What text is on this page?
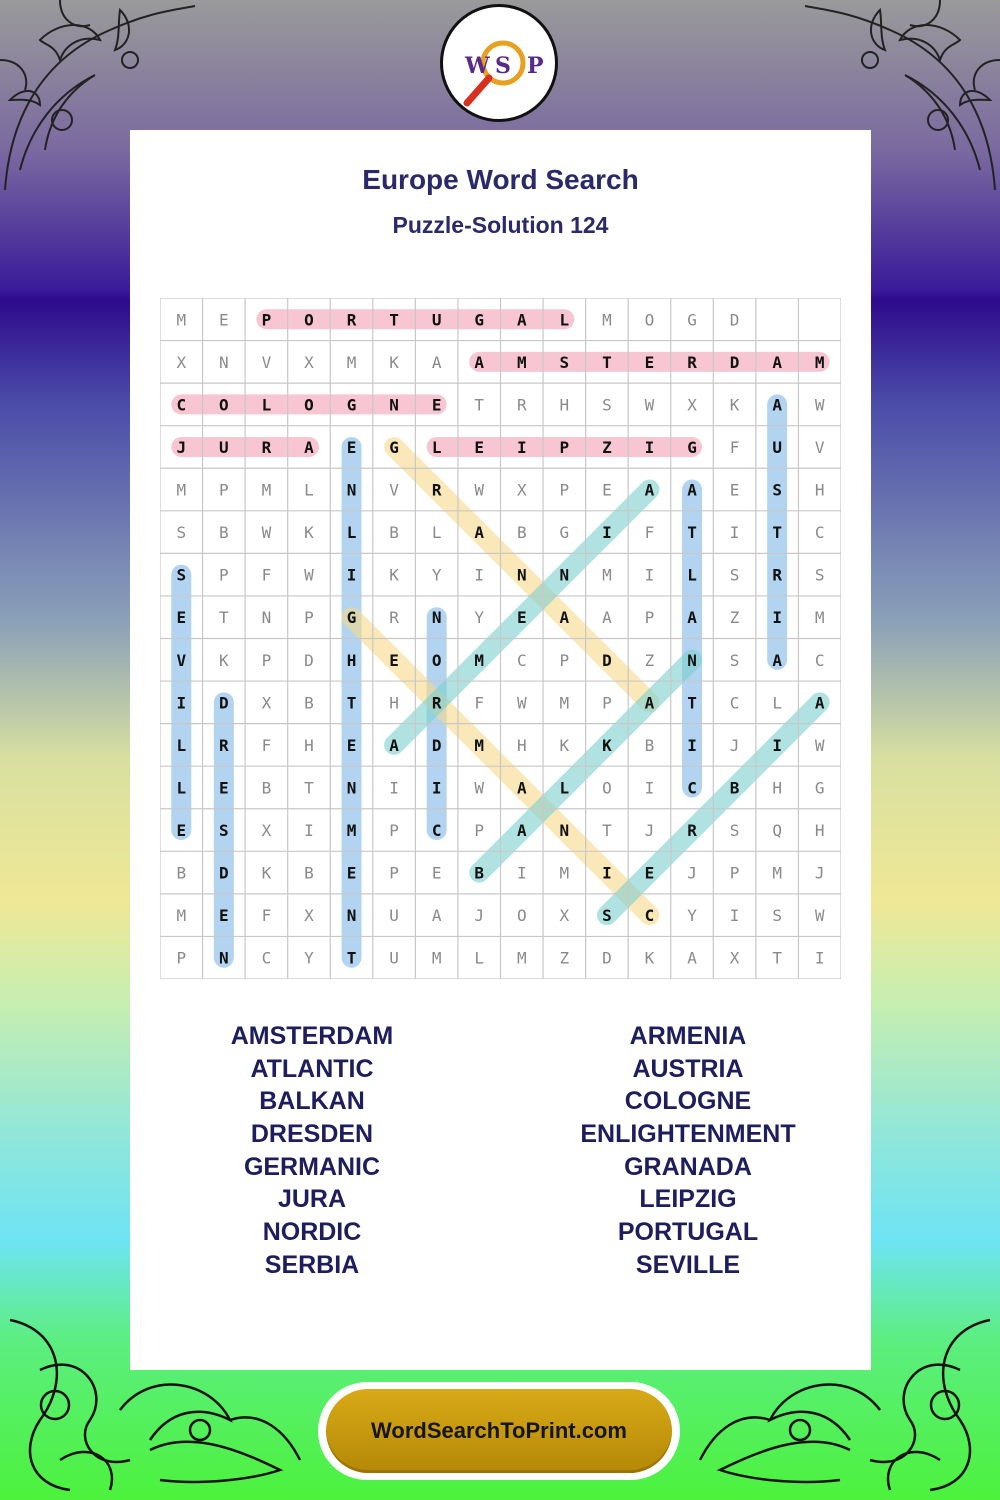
W S P
Europe Word Search
Puzzle-Solution 124
M E P O R T U G A L M O G D
X N V X M K A A M S T E R D A M
C O L O G N E T R H S W X K A W
J U R A E G L E I P Z I G F U V
M P M L N V R W X P E A A E S H
S B W K L B L A B G I F T I T C
S P F W I K Y I N N M I L S R S
E T N P G R N Y E A A P A Z I M
V K P D H E O M C P D Z N S A C
I D X B T H R F W M P A T C L A
L R F H E A D M H K K B I J I W
L E B T N I I W A L O I C B H G
E S X I M P C P A N T J R S Q H
B D K B E P E B I M I E J P M J
M E F X N U A J O X S C Y I S W
P N C Y T U M L M Z D K A X T I
AMSTERDAM
ATLANTIC
BALKAN
DRESDEN
GERMANIC
JURA
NORDIC
SERBIA
ARMENIA
AUSTRIA
COLOGNE
ENLIGHTENMENT
GRANADA
LEIPZIG
PORTUGAL
SEVILLE
WordSearchToPrint.com
